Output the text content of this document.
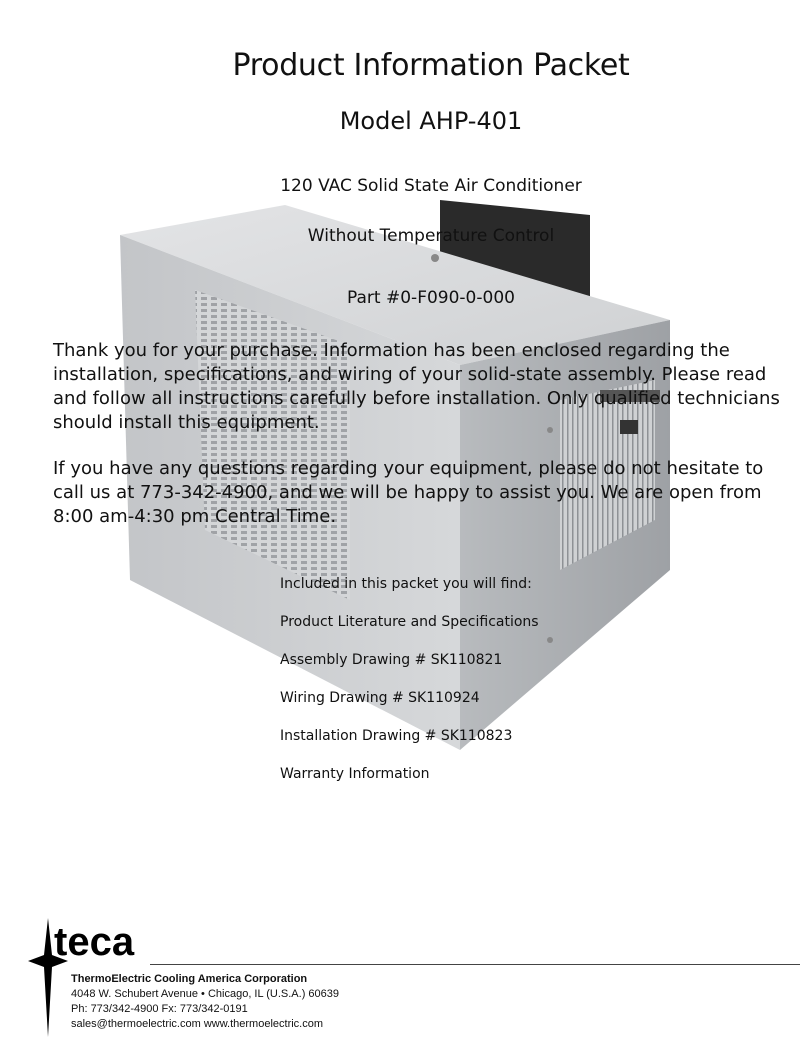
Product Information Packet
Model AHP-401
120 VAC Solid State Air Conditioner
Without Temperature Control
Part #0-F090-0-000
Thank you for your purchase. Information has been enclosed regarding the installation, specifications, and wiring of your solid-state assembly. Please read and follow all instructions carefully before installation. Only qualified technicians should install this equipment.
If you have any questions regarding your equipment, please do not hesitate to call us at 773-342-4900, and we will be happy to assist you. We are open from 8:00 am-4:30 pm Central Time.
Included in this packet you will find:
Product Literature and Specifications
Assembly Drawing # SK110821
Wiring Drawing # SK110924
Installation Drawing # SK110823
Warranty Information
teca
ThermoElectric Cooling America Corporation
4048 W. Schubert Avenue • Chicago, IL (U.S.A.) 60639
Ph: 773/342-4900 Fx: 773/342-0191
sales@thermoelectric.com www.thermoelectric.com
